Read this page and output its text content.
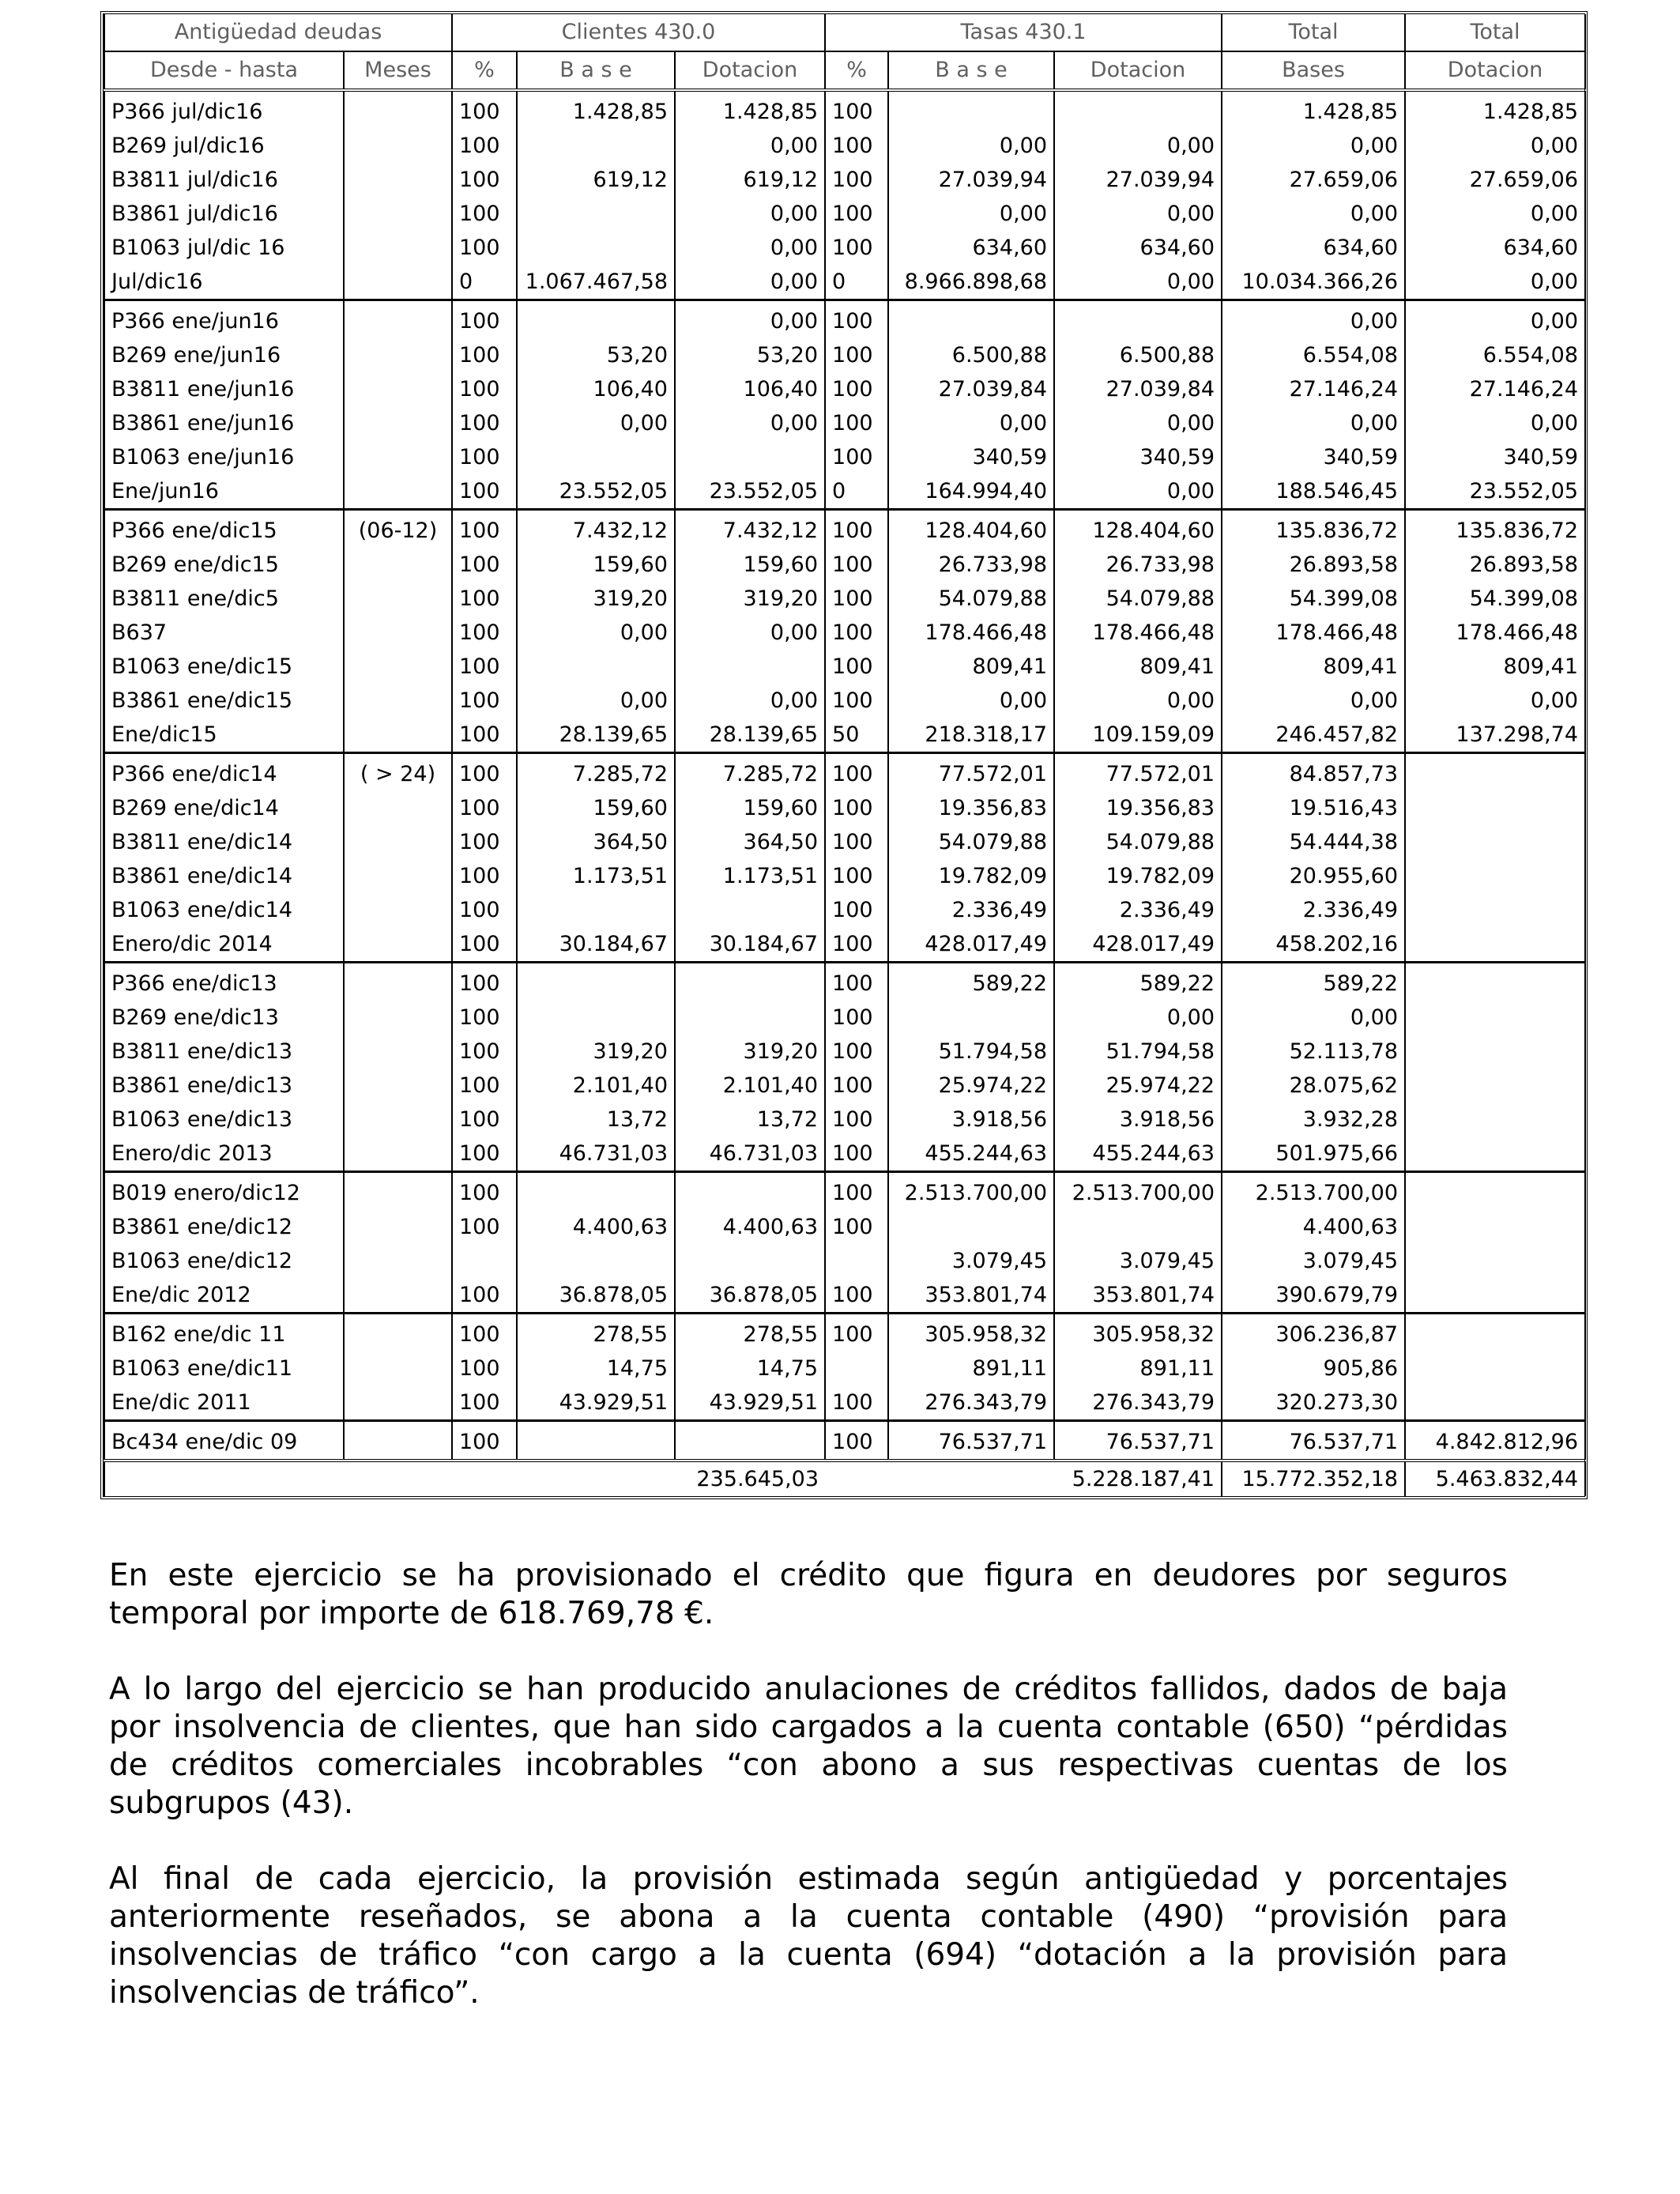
Antigüedad deudas		Clientes 430.0			Tasas 430.1			Total	Total
Desde - hasta	Meses	%	B a s e	Dotacion	%	B a s e	Dotacion	Bases	Dotacion
P366 jul/dic16		100	1.428,85	1.428,85	100			1.428,85	1.428,85
B269 jul/dic16		100		0,00	100	0,00	0,00	0,00	0,00
B3811 jul/dic16		100	619,12	619,12	100	27.039,94	27.039,94	27.659,06	27.659,06
B3861 jul/dic16		100		0,00	100	0,00	0,00	0,00	0,00
B1063 jul/dic 16		100		0,00	100	634,60	634,60	634,60	634,60
Jul/dic16		0	1.067.467,58	0,00	0	8.966.898,68	0,00	10.034.366,26	0,00
P366 ene/jun16		100		0,00	100			0,00	0,00
B269 ene/jun16		100	53,20	53,20	100	6.500,88	6.500,88	6.554,08	6.554,08
B3811 ene/jun16		100	106,40	106,40	100	27.039,84	27.039,84	27.146,24	27.146,24
B3861 ene/jun16		100	0,00	0,00	100	0,00	0,00	0,00	0,00
B1063 ene/jun16		100			100	340,59	340,59	340,59	340,59
Ene/jun16		100	23.552,05	23.552,05	0	164.994,40	0,00	188.546,45	23.552,05
P366 ene/dic15	(06-12)	100	7.432,12	7.432,12	100	128.404,60	128.404,60	135.836,72	135.836,72
B269 ene/dic15		100	159,60	159,60	100	26.733,98	26.733,98	26.893,58	26.893,58
B3811 ene/dic5		100	319,20	319,20	100	54.079,88	54.079,88	54.399,08	54.399,08
B637		100	0,00	0,00	100	178.466,48	178.466,48	178.466,48	178.466,48
B1063 ene/dic15		100			100	809,41	809,41	809,41	809,41
B3861 ene/dic15		100	0,00	0,00	100	0,00	0,00	0,00	0,00
Ene/dic15		100	28.139,65	28.139,65	50	218.318,17	109.159,09	246.457,82	137.298,74
P366 ene/dic14	( > 24)	100	7.285,72	7.285,72	100	77.572,01	77.572,01	84.857,73	
B269 ene/dic14		100	159,60	159,60	100	19.356,83	19.356,83	19.516,43	
B3811 ene/dic14		100	364,50	364,50	100	54.079,88	54.079,88	54.444,38	
B3861 ene/dic14		100	1.173,51	1.173,51	100	19.782,09	19.782,09	20.955,60	
B1063 ene/dic14		100			100	2.336,49	2.336,49	2.336,49	
Enero/dic 2014		100	30.184,67	30.184,67	100	428.017,49	428.017,49	458.202,16	
P366 ene/dic13		100			100	589,22	589,22	589,22	
B269 ene/dic13		100			100		0,00	0,00	
B3811 ene/dic13		100	319,20	319,20	100	51.794,58	51.794,58	52.113,78	
B3861 ene/dic13		100	2.101,40	2.101,40	100	25.974,22	25.974,22	28.075,62	
B1063 ene/dic13		100	13,72	13,72	100	3.918,56	3.918,56	3.932,28	
Enero/dic 2013		100	46.731,03	46.731,03	100	455.244,63	455.244,63	501.975,66	
B019 enero/dic12		100			100	2.513.700,00	2.513.700,00	2.513.700,00	
B3861 ene/dic12		100	4.400,63	4.400,63	100			4.400,63	
B1063 ene/dic12						3.079,45	3.079,45	3.079,45	
Ene/dic 2012		100	36.878,05	36.878,05	100	353.801,74	353.801,74	390.679,79	
B162 ene/dic 11		100	278,55	278,55	100	305.958,32	305.958,32	306.236,87	
B1063 ene/dic11		100	14,75	14,75		891,11	891,11	905,86	
Ene/dic 2011		100	43.929,51	43.929,51	100	276.343,79	276.343,79	320.273,30	
Bc434 ene/dic 09		100			100	76.537,71	76.537,71	76.537,71	4.842.812,96
				235.645,03			5.228.187,41	15.772.352,18	5.463.832,44

En este ejercicio se ha provisionado el crédito que figura en deudores por seguros temporal por importe de 618.769,78 €.

A lo largo del ejercicio se han producido anulaciones de créditos fallidos, dados de baja por insolvencia de clientes, que han sido cargados a la cuenta contable (650) “pérdidas de créditos comerciales incobrables “con abono a sus respectivas cuentas de los subgrupos (43).

Al final de cada ejercicio, la provisión estimada según antigüedad y porcentajes anteriormente reseñados, se abona a la cuenta contable (490) “provisión para insolvencias de tráfico “con cargo a la cuenta (694) “dotación a la provisión para insolvencias de tráfico”.
